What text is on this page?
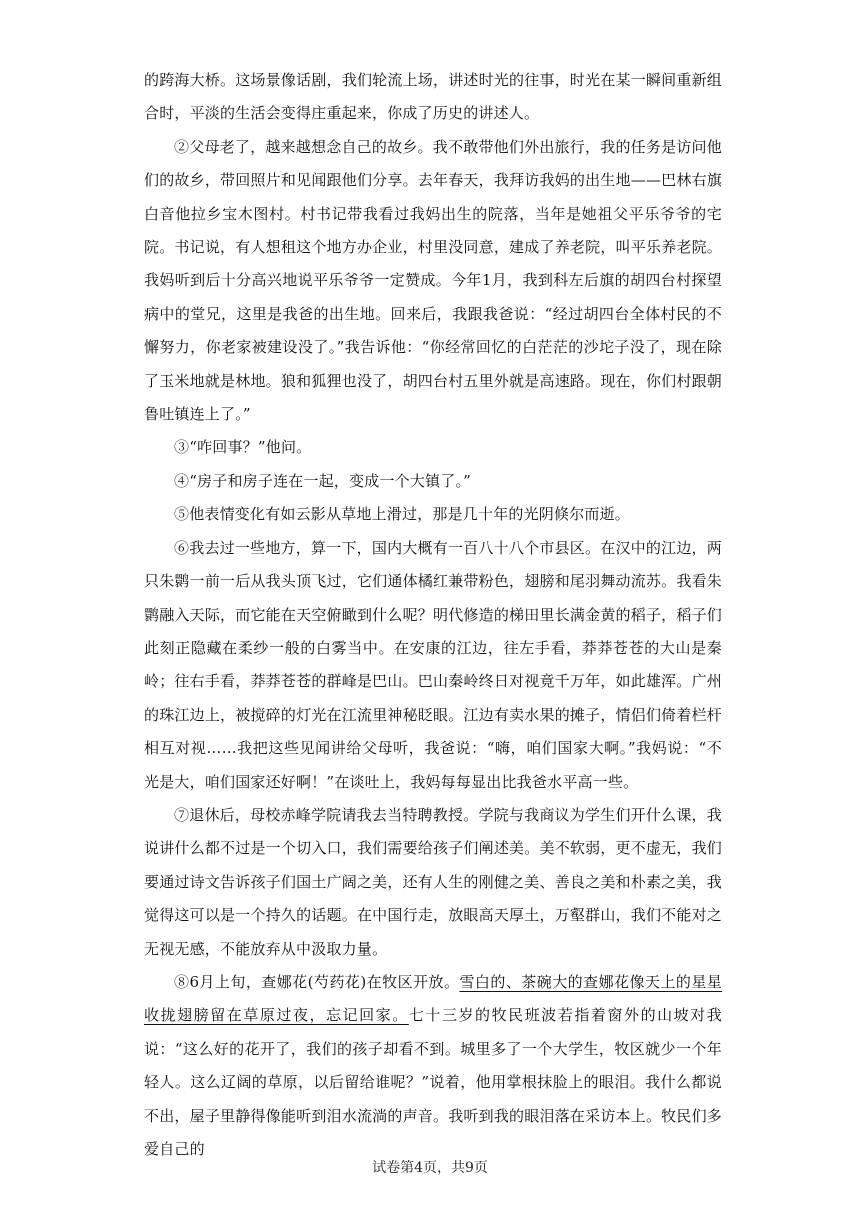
的跨海大桥。这场景像话剧，我们轮流上场，讲述时光的往事，时光在某一瞬间重新组合时，平淡的生活会变得庄重起来，你成了历史的讲述人。

②父母老了，越来越想念自己的故乡。我不敢带他们外出旅行，我的任务是访问他们的故乡，带回照片和见闻跟他们分享。去年春天，我拜访我妈的出生地——巴林右旗白音他拉乡宝木图村。村书记带我看过我妈出生的院落，当年是她祖父平乐爷爷的宅院。书记说，有人想租这个地方办企业，村里没同意，建成了养老院，叫平乐养老院。我妈听到后十分高兴地说平乐爷爷一定赞成。今年1月，我到科左后旗的胡四台村探望病中的堂兄，这里是我爸的出生地。回来后，我跟我爸说：“经过胡四台全体村民的不懈努力，你老家被建设没了。”我告诉他：“你经常回忆的白茫茫的沙坨子没了，现在除了玉米地就是林地。狼和狐狸也没了，胡四台村五里外就是高速路。现在，你们村跟朝鲁吐镇连上了。”

③“咋回事？”他问。

④“房子和房子连在一起，变成一个大镇了。”

⑤他表情变化有如云影从草地上滑过，那是几十年的光阴倏尔而逝。

⑥我去过一些地方，算一下，国内大概有一百八十八个市县区。在汉中的江边，两只朱鹮一前一后从我头顶飞过，它们通体橘红兼带粉色，翅膀和尾羽舞动流苏。我看朱鹮融入天际，而它能在天空俯瞰到什么呢？明代修造的梯田里长满金黄的稻子，稻子们此刻正隐藏在柔纱一般的白雾当中。在安康的江边，往左手看，莽莽苍苍的大山是秦岭；往右手看，莽莽苍苍的群峰是巴山。巴山秦岭终日对视竟千万年，如此雄浑。广州的珠江边上，被搅碎的灯光在江流里神秘眨眼。江边有卖水果的摊子，情侣们倚着栏杆相互对视……我把这些见闻讲给父母听，我爸说：“嗨，咱们国家大啊。”我妈说：“不光是大，咱们国家还好啊！”在谈吐上，我妈每每显出比我爸水平高一些。

⑦退休后，母校赤峰学院请我去当特聘教授。学院与我商议为学生们开什么课，我说讲什么都不过是一个切入口，我们需要给孩子们阐述美。美不软弱，更不虚无，我们要通过诗文告诉孩子们国土广阔之美，还有人生的刚健之美、善良之美和朴素之美，我觉得这可以是一个持久的话题。在中国行走，放眼高天厚土，万壑群山，我们不能对之无视无感，不能放弃从中汲取力量。

⑧6月上旬，查娜花(芍药花)在牧区开放。雪白的、茶碗大的查娜花像天上的星星收拢翅膀留在草原过夜，忘记回家。七十三岁的牧民班波若指着窗外的山坡对我说：“这么好的花开了，我们的孩子却看不到。城里多了一个大学生，牧区就少一个年轻人。这么辽阔的草原，以后留给谁呢？”说着，他用掌根抹脸上的眼泪。我什么都说不出，屋子里静得像能听到泪水流淌的声音。我听到我的眼泪落在采访本上。牧民们多爱自己的

试卷第4页，共9页
